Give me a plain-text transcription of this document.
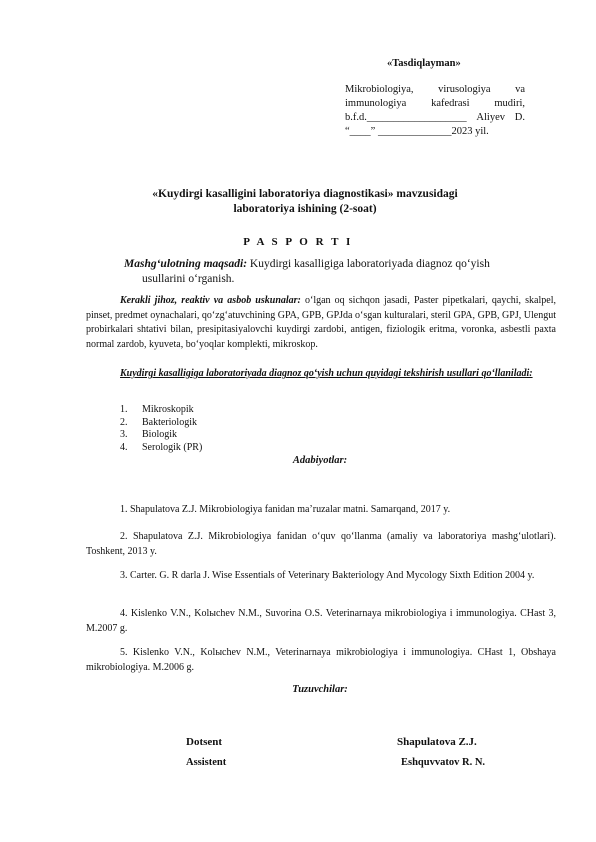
«Tasdiqlayman»
Mikrobiologiya, virusologiya va
immunologiya kafedrasi mudiri,
b.f.d.___________________ Aliyev D.
“____” ______________2023 yil.
«Kuydirgi kasalligini laboratoriya diagnostikasi» mavzusidagi
laboratoriya ishining (2-soat)
P A S P O R T I
Mashg‘ulotning maqsadi: Kuydirgi kasalligiga laboratoriyada diagnoz qo‘yish
usullarini o‘rganish.
Kerakli jihoz, reaktiv va asbob uskunalar: o‘lgan oq sichqon jasadi, Paster pipetkalari, qaychi, skalpel, pinset, predmet oynachalari, qo‘zg‘atuvchining GPA, GPB, GPJda o‘sgan kulturalari, steril GPA, GPB, GPJ, Ulengut probirkalari shtativi bilan, presipitasiyalovchi kuydirgi zardobi, antigen, fiziologik eritma, voronka, asbestli paxta normal zardob, kyuveta, bo‘yoqlar komplekti, mikroskop.
Kuydirgi kasalligiga laboratoriyada diagnoz qo‘yish uchun quyidagi tekshirish usullari qo‘llaniladi:
1. Mikroskopik
2. Bakteriologik
3. Biologik
4. Serologik (PR)
Adabiyotlar:
1. Shapulatova Z.J. Mikrobiologiya fanidan ma’ruzalar matni. Samarqand, 2017 y.
2. Shapulatova Z.J. Mikrobiologiya fanidan o‘quv qo‘llanma (amaliy va laboratoriya mashg‘ulotlari). Toshkent, 2013 y.
3. Carter. G. R darla J. Wise Essentials of Veterinary Bakteriology And Mycology Sixth Edition 2004 y.
4. Kislenko V.N., Kolыchev N.M., Suvorina O.S. Veterinarnaya mikrobiologiya i immunologiya. CHast 3, M.2007 g.
5. Kislenko V.N., Kolыchev N.M., Veterinarnaya mikrobiologiya i immunologiya. CHast 1, Obshaya mikrobiologiya. M.2006 g.
Tuzuvchilar:
Dotsent	Shapulatova Z.J.
Assistent	Eshquvvatov R. N.
